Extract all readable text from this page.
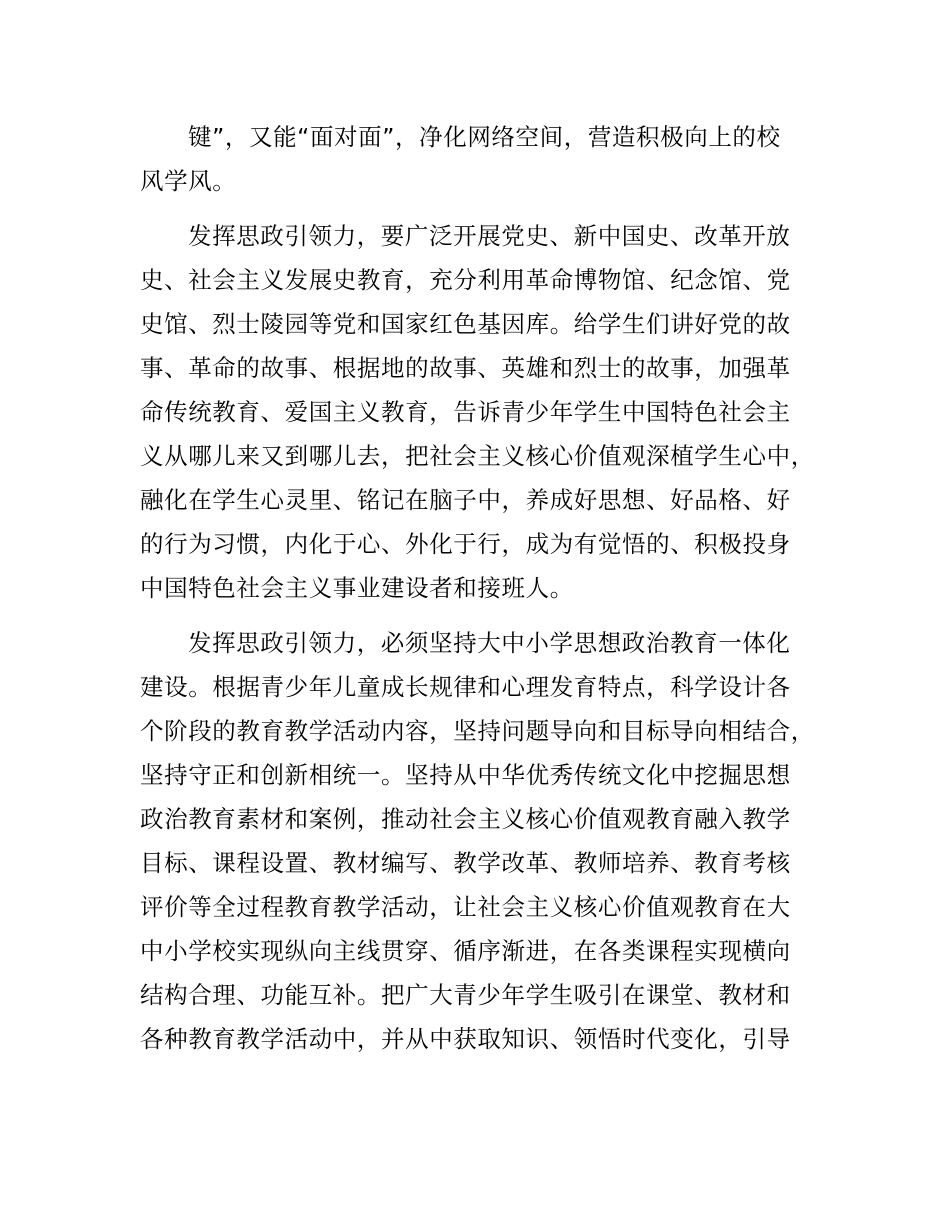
键”，又能“面对面”，净化网络空间，营造积极向上的校
风学风。
发挥思政引领力，要广泛开展党史、新中国史、改革开放
史、社会主义发展史教育，充分利用革命博物馆、纪念馆、党
史馆、烈士陵园等党和国家红色基因库。给学生们讲好党的故
事、革命的故事、根据地的故事、英雄和烈士的故事，加强革
命传统教育、爱国主义教育，告诉青少年学生中国特色社会主
义从哪儿来又到哪儿去，把社会主义核心价值观深植学生心中，
融化在学生心灵里、铭记在脑子中，养成好思想、好品格、好
的行为习惯，内化于心、外化于行，成为有觉悟的、积极投身
中国特色社会主义事业建设者和接班人。
发挥思政引领力，必须坚持大中小学思想政治教育一体化
建设。根据青少年儿童成长规律和心理发育特点，科学设计各
个阶段的教育教学活动内容，坚持问题导向和目标导向相结合，
坚持守正和创新相统一。坚持从中华优秀传统文化中挖掘思想
政治教育素材和案例，推动社会主义核心价值观教育融入教学
目标、课程设置、教材编写、教学改革、教师培养、教育考核
评价等全过程教育教学活动，让社会主义核心价值观教育在大
中小学校实现纵向主线贯穿、循序渐进，在各类课程实现横向
结构合理、功能互补。把广大青少年学生吸引在课堂、教材和
各种教育教学活动中，并从中获取知识、领悟时代变化，引导
